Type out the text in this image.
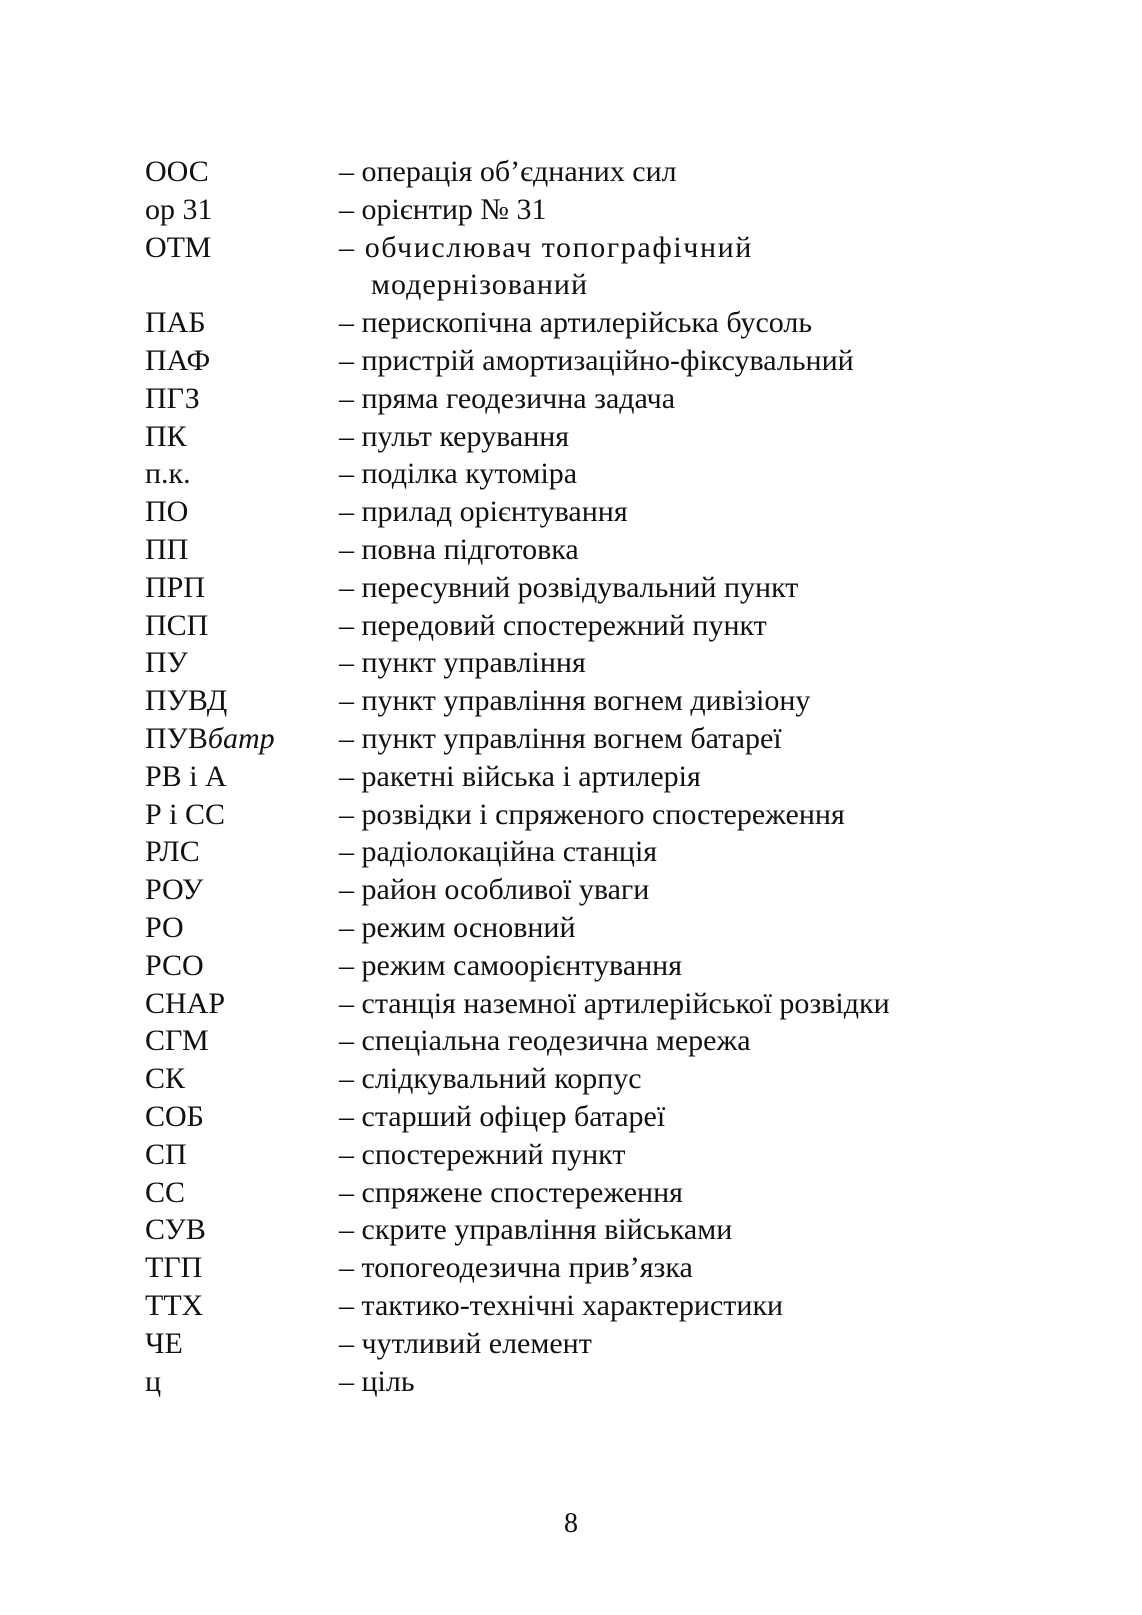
ООС	– операція об’єднаних сил
ор 31	– орієнтир № 31
ОТМ	– обчислювач топографічний
модернізований
ПАБ	– перископічна артилерійська бусоль
ПАФ	– пристрій амортизаційно-фіксувальний
ПГЗ	– пряма геодезична задача
ПК	– пульт керування
п.к.	– поділка кутоміра
ПО	– прилад орієнтування
ПП	– повна підготовка
ПРП	– пересувний розвідувальний пункт
ПСП	– передовий спостережний пункт
ПУ	– пункт управління
ПУВД	– пункт управління вогнем дивізіону
ПУВбатр	– пункт управління вогнем батареї
РВ і А	– ракетні війська і артилерія
Р і СС	– розвідки і спряженого спостереження
РЛС	– радіолокаційна станція
РОУ	– район особливої уваги
РО	– режим основний
РСО	– режим самоорієнтування
СНАР	– станція наземної артилерійської розвідки
СГМ	– спеціальна геодезична мережа
СК	– слідкувальний корпус
СОБ	– старший офіцер батареї
СП	– спостережний пункт
СС	– спряжене спостереження
СУВ	– скрите управління військами
ТГП	– топогеодезична прив’язка
ТТХ	– тактико-технічні характеристики
ЧЕ	– чутливий елемент
ц	– ціль
8
